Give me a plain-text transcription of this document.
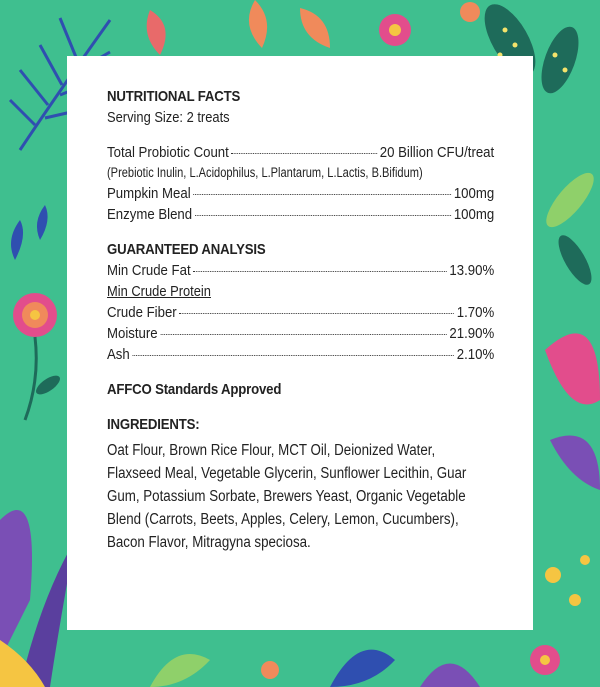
NUTRITIONAL FACTS
Serving Size: 2 treats
Total Probiotic Count	20 Billion CFU/treat
(Prebiotic Inulin, L.Acidophilus, L.Plantarum, L.Lactis, B.Bifidum)
Pumpkin Meal	100mg
Enzyme Blend	100mg
GUARANTEED ANALYSIS
Min Crude Fat	13.90%
Min Crude Protein
Crude Fiber	1.70%
Moisture	21.90%
Ash	2.10%
AFFCO Standards Approved
INGREDIENTS:
Oat Flour, Brown Rice Flour, MCT Oil, Deionized Water, Flaxseed Meal, Vegetable Glycerin, Sunflower Lecithin, Guar Gum, Potassium Sorbate, Brewers Yeast, Organic Vegetable Blend (Carrots, Beets, Apples, Celery, Lemon, Cucumbers), Bacon Flavor, Mitragyna speciosa.
